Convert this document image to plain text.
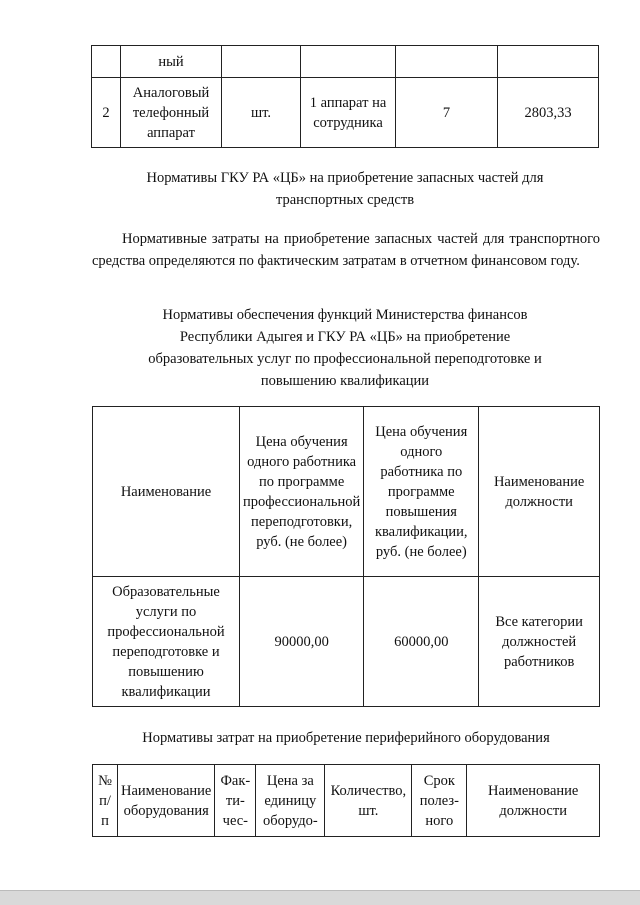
	ный				
2	Аналоговый телефонный аппарат	шт.	1 аппарат на сотрудника	7	2803,33
Нормативы ГКУ РА «ЦБ» на приобретение запасных частей для транспортных средств
Нормативные затраты на приобретение запасных частей для транспортного средства определяются по фактическим затратам в отчетном финансовом году.
Нормативы обеспечения функций Министерства финансов Республики Адыгея и ГКУ РА «ЦБ» на приобретение образовательных услуг по профессиональной переподготовке и повышению квалификации
Наименование	Цена обучения одного работника по программе профессиональной переподготовки, руб. (не более)	Цена обучения одного работника по программе повышения квалификации, руб. (не более)	Наименование должности
Образовательные услуги по профессиональной переподготовке и повышению квалификации	90000,00	60000,00	Все категории должностей работников
Нормативы затрат на приобретение периферийного оборудования
№ п/п	Наименование оборудования	Фак-ти-чес-	Цена за единицу оборудо-	Количество, шт.	Срок полез-ного	Наименование должности
